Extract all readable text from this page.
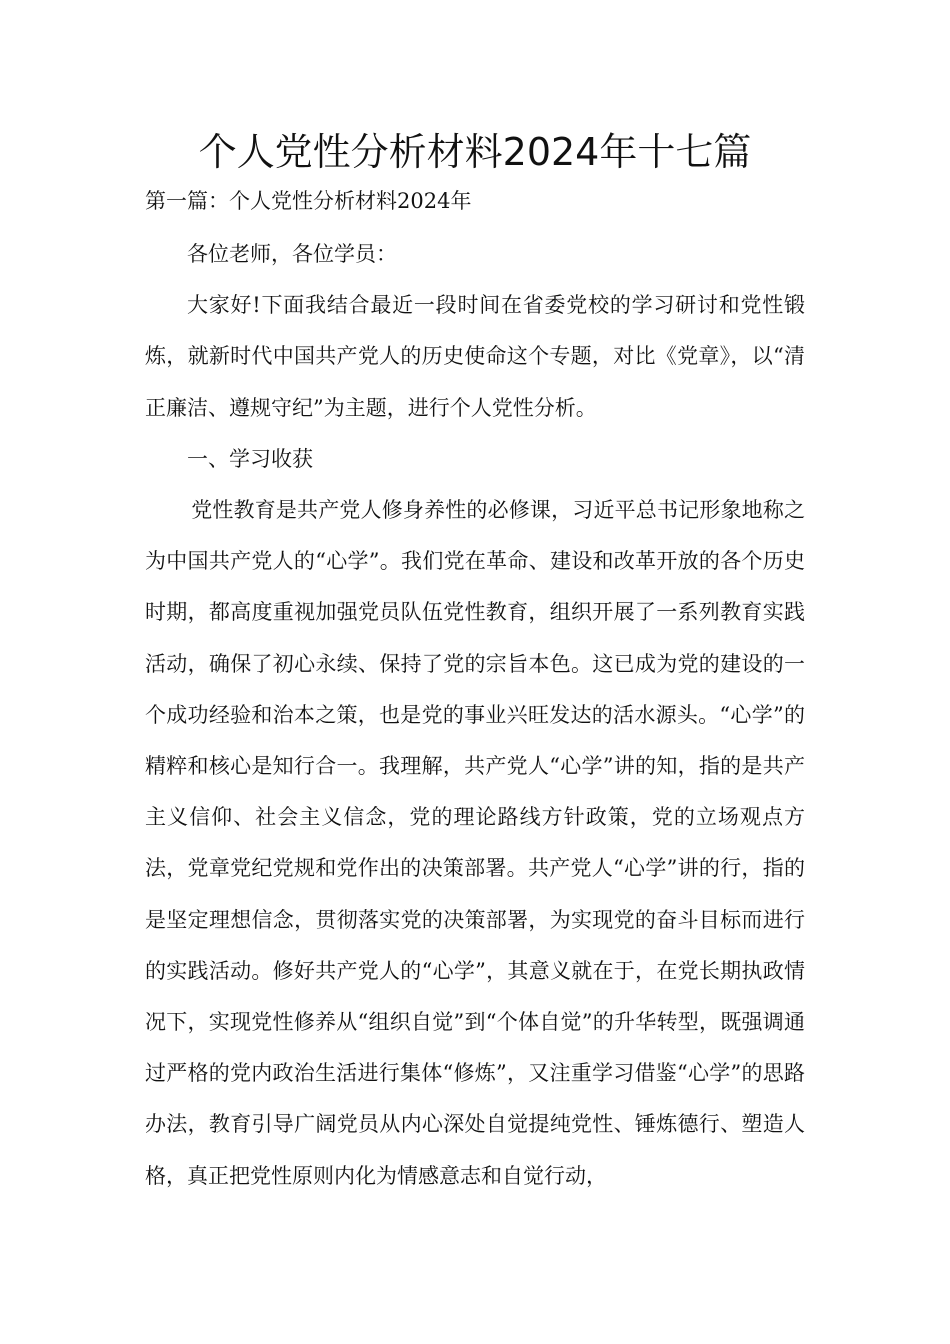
个人党性分析材料2024年十七篇
第一篇：个人党性分析材料2024年

各位老师，各位学员：

大家好!下面我结合最近一段时间在省委党校的学习研讨和党性锻炼，就新时代中国共产党人的历史使命这个专题，对比《党章》，以“清正廉洁、遵规守纪”为主题，进行个人党性分析。

一、学习收获

党性教育是共产党人修身养性的必修课，习近平总书记形象地称之为中国共产党人的“心学”。我们党在革命、建设和改革开放的各个历史时期，都高度重视加强党员队伍党性教育，组织开展了一系列教育实践活动，确保了初心永续、保持了党的宗旨本色。这已成为党的建设的一个成功经验和治本之策，也是党的事业兴旺发达的活水源头。“心学”的精粹和核心是知行合一。我理解，共产党人“心学”讲的知，指的是共产主义信仰、社会主义信念，党的理论路线方针政策，党的立场观点方法，党章党纪党规和党作出的决策部署。共产党人“心学”讲的行，指的是坚定理想信念，贯彻落实党的决策部署，为实现党的奋斗目标而进行的实践活动。修好共产党人的“心学”，其意义就在于，在党长期执政情况下，实现党性修养从“组织自觉”到“个体自觉”的升华转型，既强调通过严格的党内政治生活进行集体“修炼”，又注重学习借鉴“心学”的思路办法，教育引导广阔党员从内心深处自觉提纯党性、锤炼德行、塑造人格，真正把党性原则内化为情感意志和自觉行动，
